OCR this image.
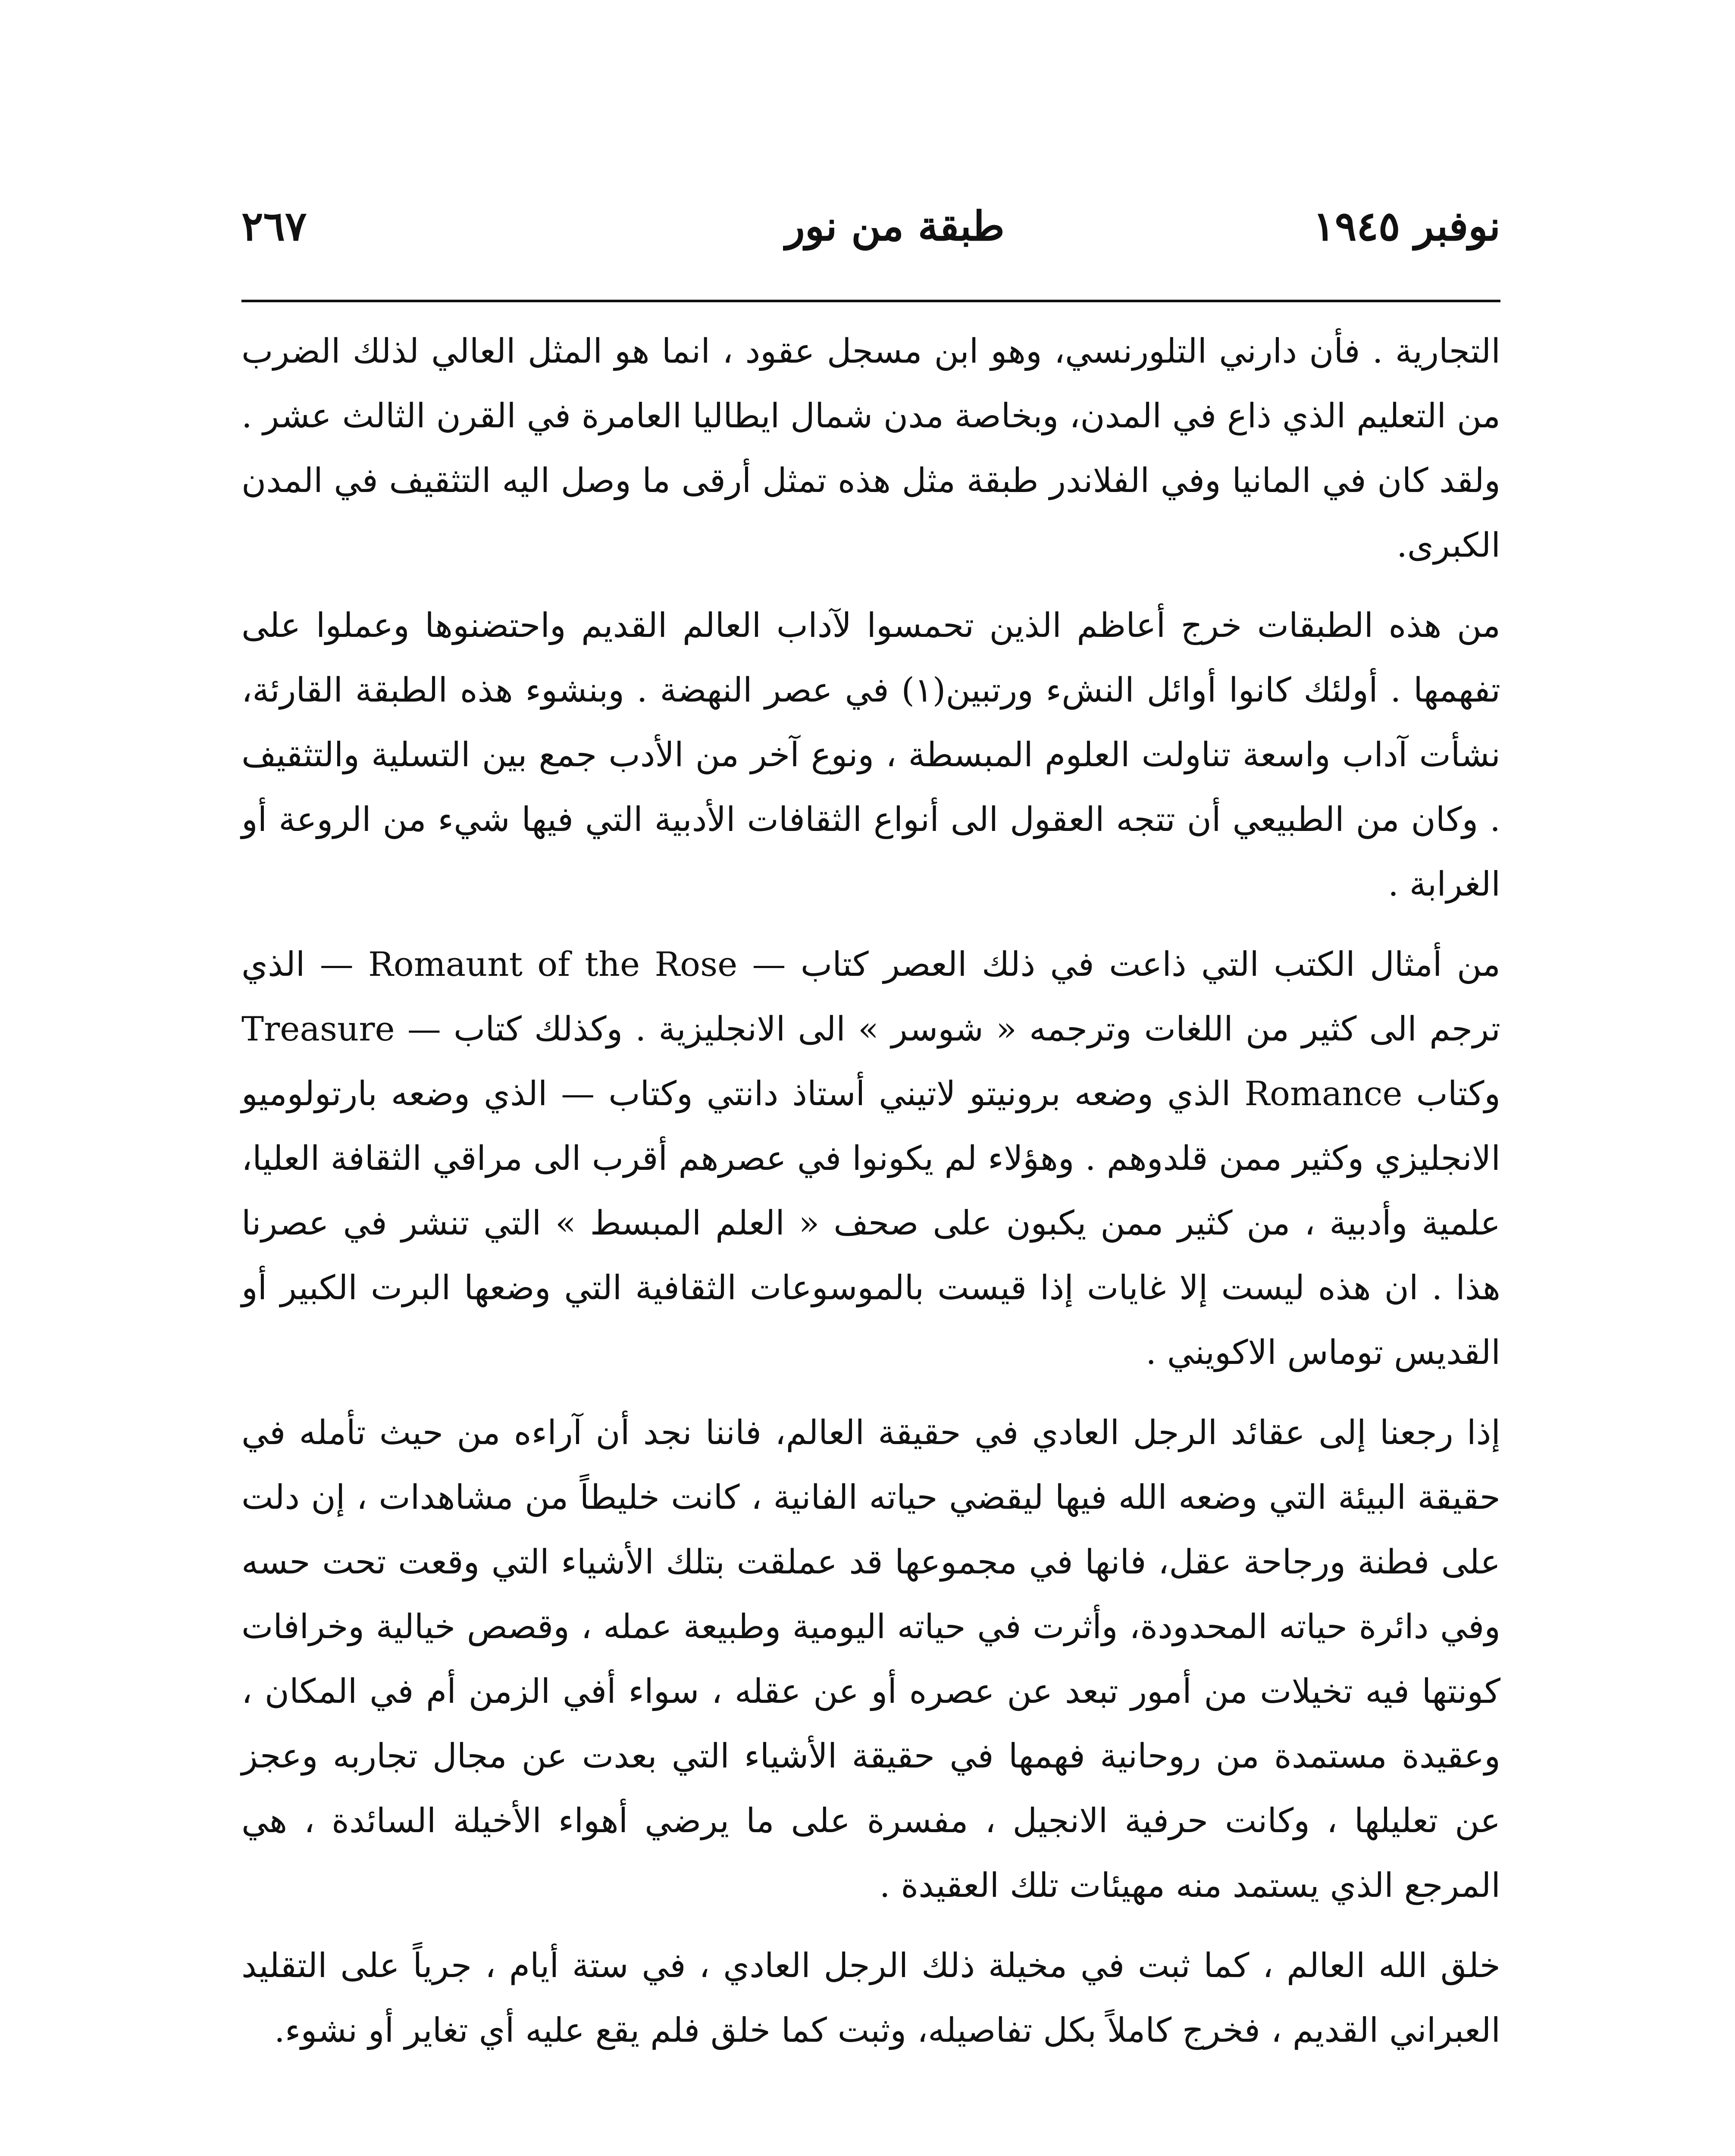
نوفبر ١٩٤٥
طبقة من نور
٢٦٧

التجارية . فأن دارني التلورنسي، وهو ابن مسجل عقود ، انما هو المثل العالي لذلك الضرب من التعليم الذي ذاع في المدن، وبخاصة مدن شمال ايطاليا العامرة في القرن الثالث عشر . ولقد كان في المانيا وفي الفلاندر طبقة مثل هذه تمثل أرقى ما وصل اليه التثقيف في المدن الكبرى.

من هذه الطبقات خرج أعاظم الذين تحمسوا لآداب العالم القديم واحتضنوها وعملوا على تفهمها . أولئك كانوا أوائل النشء ورتبين(١) في عصر النهضة . وبنشوء هذه الطبقة القارئة، نشأت آداب واسعة تناولت العلوم المبسطة ، ونوع آخر من الأدب جمع بين التسلية والتثقيف . وكان من الطبيعي أن تتجه العقول الى أنواع الثقافات الأدبية التي فيها شيء من الروعة أو الغرابة .

من أمثال الكتب التي ذاعت في ذلك العصر كتاب — Romaunt of the Rose — الذي ترجم الى كثير من اللغات وترجمه « شوسر » الى الانجليزية . وكذلك كتاب — Treasure وكتاب Romance الذي وضعه برونيتو لاتيني أستاذ دانتي وكتاب — الذي وضعه بارتولوميو الانجليزي وكثير ممن قلدوهم . وهؤلاء لم يكونوا في عصرهم أقرب الى مراقي الثقافة العليا، علمية وأدبية ، من كثير ممن يكبون على صحف « العلم المبسط » التي تنشر في عصرنا هذا . ان هذه ليست إلا غايات إذا قيست بالموسوعات الثقافية التي وضعها البرت الكبير أو القديس توماس الاكويني .

إذا رجعنا إلى عقائد الرجل العادي في حقيقة العالم، فاننا نجد أن آراءه من حيث تأمله في حقيقة البيئة التي وضعه الله فيها ليقضي حياته الفانية ، كانت خليطاً من مشاهدات ، إن دلت على فطنة ورجاحة عقل، فانها في مجموعها قد عملقت بتلك الأشياء التي وقعت تحت حسه وفي دائرة حياته المحدودة، وأثرت في حياته اليومية وطبيعة عمله ، وقصص خيالية وخرافات كونتها فيه تخيلات من أمور تبعد عن عصره أو عن عقله ، سواء أفي الزمن أم في المكان ، وعقيدة مستمدة من روحانية فهمها في حقيقة الأشياء التي بعدت عن مجال تجاربه وعجز عن تعليلها ، وكانت حرفية الانجيل ، مفسرة على ما يرضي أهواء الأخيلة السائدة ، هي المرجع الذي يستمد منه مهيئات تلك العقيدة .

خلق الله العالم ، كما ثبت في مخيلة ذلك الرجل العادي ، في ستة أيام ، جرياً على التقليد العبراني القديم ، فخرج كاملاً بكل تفاصيله، وثبت كما خلق فلم يقع عليه أي تغاير أو نشوء.
